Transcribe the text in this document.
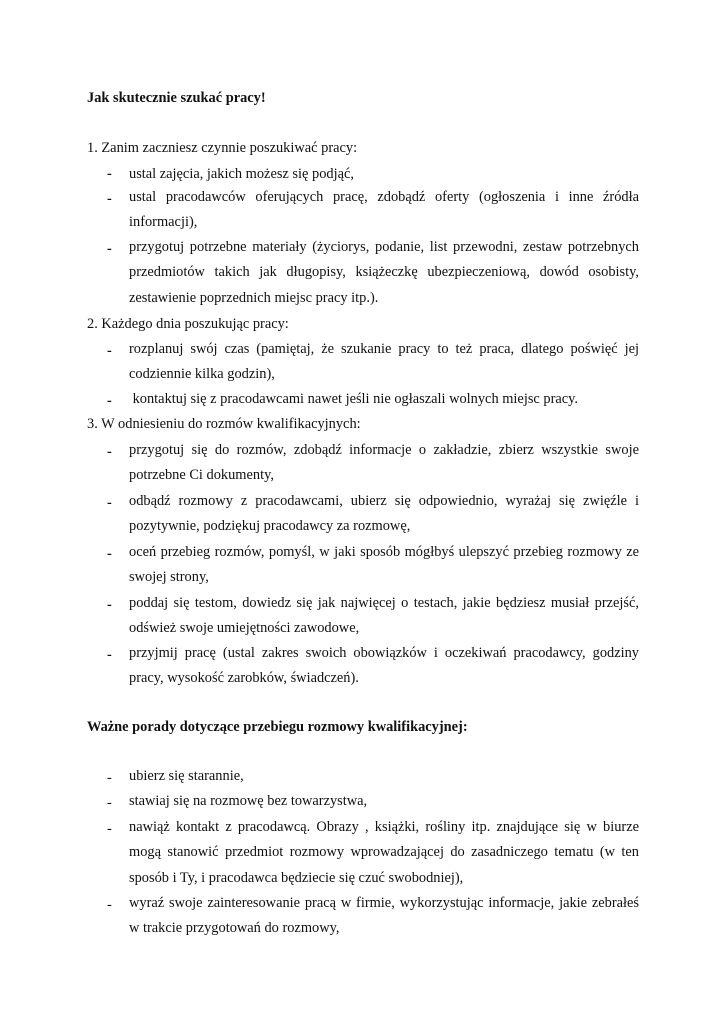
Jak skutecznie szukać pracy!
1. Zanim zaczniesz czynnie poszukiwać pracy:
- ustal zajęcia, jakich możesz się podjąć,
- ustal pracodawców oferujących pracę, zdobądź oferty (ogłoszenia i inne źródła informacji),
- przygotuj potrzebne materiały (życiorys, podanie, list przewodni, zestaw potrzebnych przedmiotów takich jak długopisy, książeczkę ubezpieczeniową, dowód osobisty, zestawienie poprzednich miejsc pracy itp.).
2. Każdego dnia poszukując pracy:
- rozplanuj swój czas (pamiętaj, że szukanie pracy to też praca, dlatego poświęć jej codziennie kilka godzin),
- kontaktuj się z pracodawcami nawet jeśli nie ogłaszali wolnych miejsc pracy.
3. W odniesieniu do rozmów kwalifikacyjnych:
- przygotuj się do rozmów, zdobądź informacje o zakładzie, zbierz wszystkie swoje potrzebne Ci dokumenty,
- odbądź rozmowy z pracodawcami, ubierz się odpowiednio, wyrażaj się zwięźle i pozytywnie, podziękuj pracodawcy za rozmowę,
- oceń przebieg rozmów, pomyśl, w jaki sposób mógłbyś ulepszyć przebieg rozmowy ze swojej strony,
- poddaj się testom, dowiedz się jak najwięcej o testach, jakie będziesz musiał przejść, odśwież swoje umiejętności zawodowe,
- przyjmij pracę (ustal zakres swoich obowiązków i oczekiwań pracodawcy, godziny pracy, wysokość zarobków, świadczeń).
Ważne porady dotyczące przebiegu rozmowy kwalifikacyjnej:
- ubierz się starannie,
- stawiaj się na rozmowę bez towarzystwa,
- nawiąż kontakt z pracodawcą. Obrazy , książki, rośliny itp. znajdujące się w biurze mogą stanowić przedmiot rozmowy wprowadzającej do zasadniczego tematu (w ten sposób i Ty, i pracodawca będziecie się czuć swobodniej),
- wyraź swoje zainteresowanie pracą w firmie, wykorzystując informacje, jakie zebrałeś w trakcie przygotowań do rozmowy,
